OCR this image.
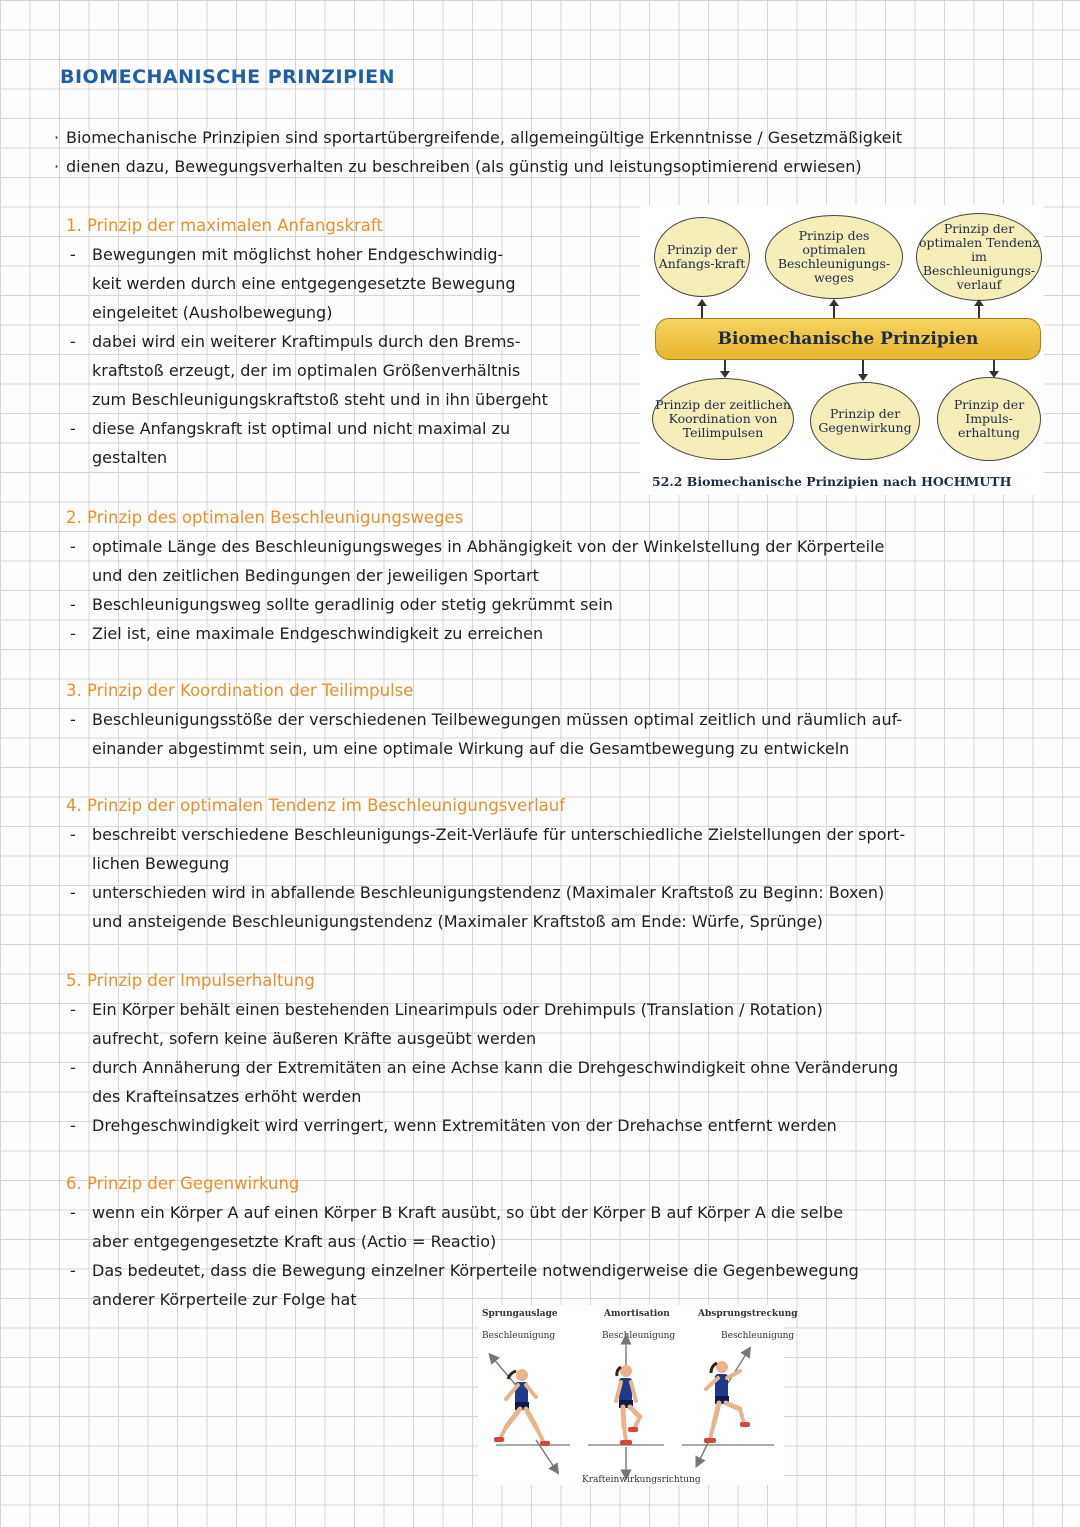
BIOMECHANISCHE PRINZIPIEN
· Biomechanische Prinzipien sind sportartübergreifende, allgemeingültige Erkenntnisse / Gesetzmäßigkeit
· dienen dazu, Bewegungsverhalten zu beschreiben (als günstig und leistungsoptimierend erwiesen)
1. Prinzip der maximalen Anfangskraft
- Bewegungen mit möglichst hoher Endgeschwindig-
keit werden durch eine entgegengesetzte Bewegung
eingeleitet (Ausholbewegung)
- dabei wird ein weiterer Kraftimpuls durch den Brems-
kraftstoß erzeugt, der im optimalen Größenverhältnis
zum Beschleunigungskraftstoß steht und in ihn übergeht
- diese Anfangskraft ist optimal und nicht maximal zu
gestalten
Prinzip der Anfangs-kraft
Prinzip des optimalen Beschleunigungs-weges
Prinzip der optimalen Tendenz im Beschleunigungs-verlauf
Biomechanische Prinzipien
Prinzip der zeitlichen Koordination von Teilimpulsen
Prinzip der Gegenwirkung
Prinzip der Impuls-erhaltung
52.2 Biomechanische Prinzipien nach HOCHMUTH
2. Prinzip des optimalen Beschleunigungsweges
- optimale Länge des Beschleunigungsweges in Abhängigkeit von der Winkelstellung der Körperteile
und den zeitlichen Bedingungen der jeweiligen Sportart
- Beschleunigungsweg sollte geradlinig oder stetig gekrümmt sein
- Ziel ist, eine maximale Endgeschwindigkeit zu erreichen
3. Prinzip der Koordination der Teilimpulse
- Beschleunigungsstöße der verschiedenen Teilbewegungen müssen optimal zeitlich und räumlich auf-
einander abgestimmt sein, um eine optimale Wirkung auf die Gesamtbewegung zu entwickeln
4. Prinzip der optimalen Tendenz im Beschleunigungsverlauf
- beschreibt verschiedene Beschleunigungs-Zeit-Verläufe für unterschiedliche Zielstellungen der sport-
lichen Bewegung
- unterschieden wird in abfallende Beschleunigungstendenz (Maximaler Kraftstoß zu Beginn: Boxen)
und ansteigende Beschleunigungstendenz (Maximaler Kraftstoß am Ende: Würfe, Sprünge)
5. Prinzip der Impulserhaltung
- Ein Körper behält einen bestehenden Linearimpuls oder Drehimpuls (Translation / Rotation)
aufrecht, sofern keine äußeren Kräfte ausgeübt werden
- durch Annäherung der Extremitäten an eine Achse kann die Drehgeschwindigkeit ohne Veränderung
des Krafteinsatzes erhöht werden
- Drehgeschwindigkeit wird verringert, wenn Extremitäten von der Drehachse entfernt werden
6. Prinzip der Gegenwirkung
- wenn ein Körper A auf einen Körper B Kraft ausübt, so übt der Körper B auf Körper A die selbe
aber entgegengesetzte Kraft aus (Actio = Reactio)
- Das bedeutet, dass die Bewegung einzelner Körperteile notwendigerweise die Gegenbewegung
anderer Körperteile zur Folge hat
Sprungauslage	Amortisation	Absprungstreckung
Beschleunigung	Beschleunigung	Beschleunigung
Krafteinwirkungsrichtung
